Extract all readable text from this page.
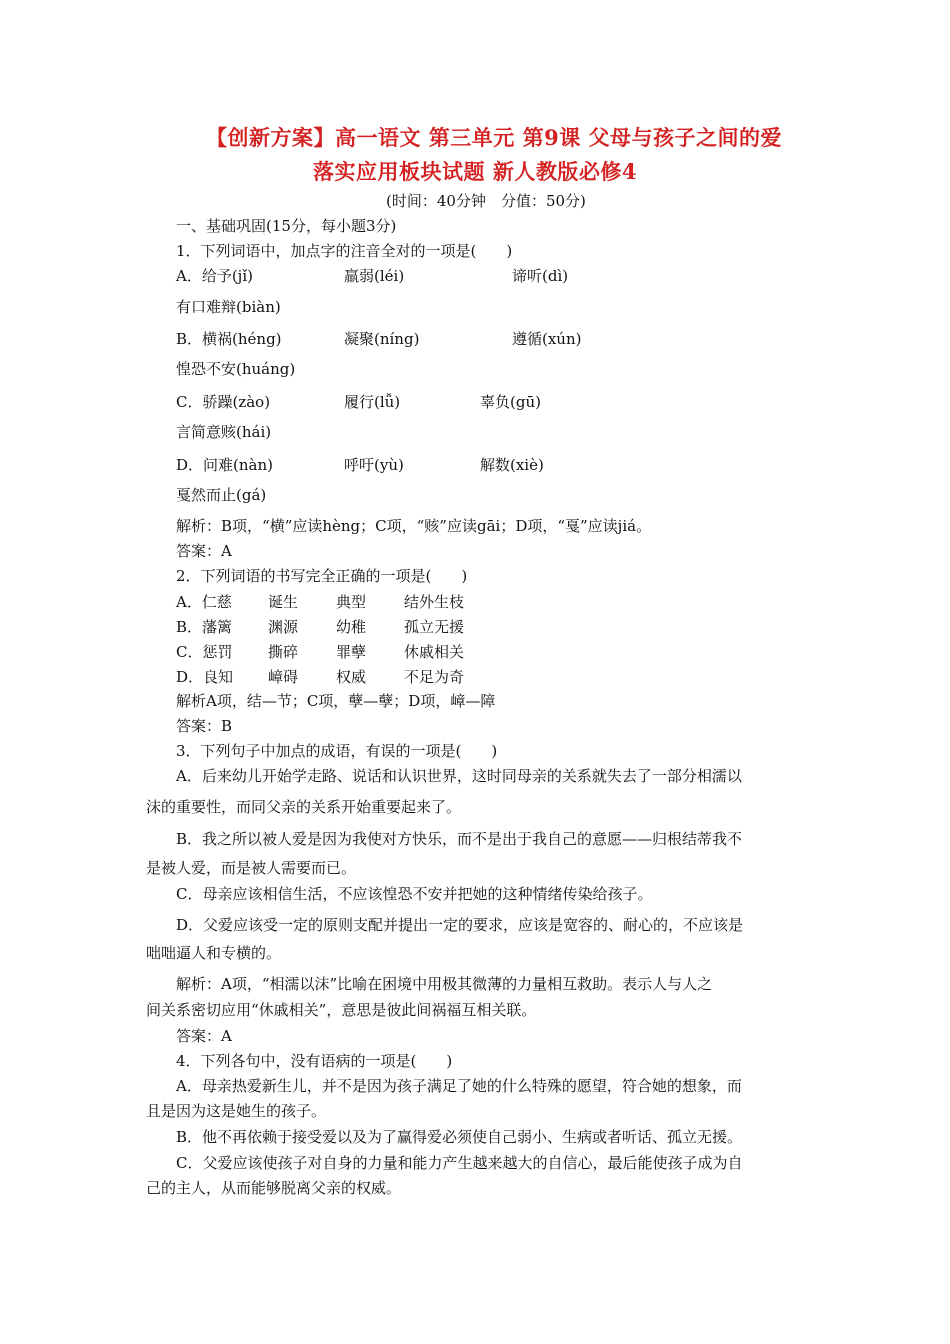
【创新方案】高一语文 第三单元 第9课 父母与孩子之间的爱
落实应用板块试题 新人教版必修4
(时间：40分钟　分值：50分)
一、基础巩固(15分，每小题3分)
1．下列词语中，加点字的注音全对的一项是(　　)
A．给予(jǐ)	羸弱(léi)	谛听(dì)
有口难辩(biàn)
B．横祸(héng)	凝聚(níng)	遵循(xún)
惶恐不安(huáng)
C．骄躁(zào)	履行(lǚ)	辜负(gū)
言简意赅(hái)
D．问难(nàn)	呼吁(yù)	解数(xiè)
戛然而止(gá)
解析：B项，“横”应读hèng；C项，“赅”应读gāi；D项，“戛”应读jiá。
答案：A
2．下列词语的书写完全正确的一项是(　　)
A．仁慈 诞生	典型	结外生枝
B．藩篱 渊源	幼稚	孤立无援
C．惩罚 撕碎	罪孽	休戚相关
D．良知 嶂碍	权威	不足为奇
解析A项，结—节；C项，孽—孽；D项，嶂—障
答案：B
3．下列句子中加点的成语，有误的一项是(　　)
A．后来幼儿开始学走路、说话和认识世界，这时同母亲的关系就失去了一部分相濡以
沫的重要性，而同父亲的关系开始重要起来了。
B．我之所以被人爱是因为我使对方快乐，而不是出于我自己的意愿——归根结蒂我不
是被人爱，而是被人需要而已。
C．母亲应该相信生活，不应该惶恐不安并把她的这种情绪传染给孩子。
D．父爱应该受一定的原则支配并提出一定的要求，应该是宽容的、耐心的，不应该是
咄咄逼人和专横的。
解析：A项，“相濡以沫”比喻在困境中用极其微薄的力量相互救助。表示人与人之
间关系密切应用“休戚相关”，意思是彼此间祸福互相关联。
答案：A
4．下列各句中，没有语病的一项是(　　)
A．母亲热爱新生儿，并不是因为孩子满足了她的什么特殊的愿望，符合她的想象，而
且是因为这是她生的孩子。
B．他不再依赖于接受爱以及为了赢得爱必须使自己弱小、生病或者听话、孤立无援。
C．父爱应该使孩子对自身的力量和能力产生越来越大的自信心，最后能使孩子成为自
己的主人，从而能够脱离父亲的权威。
